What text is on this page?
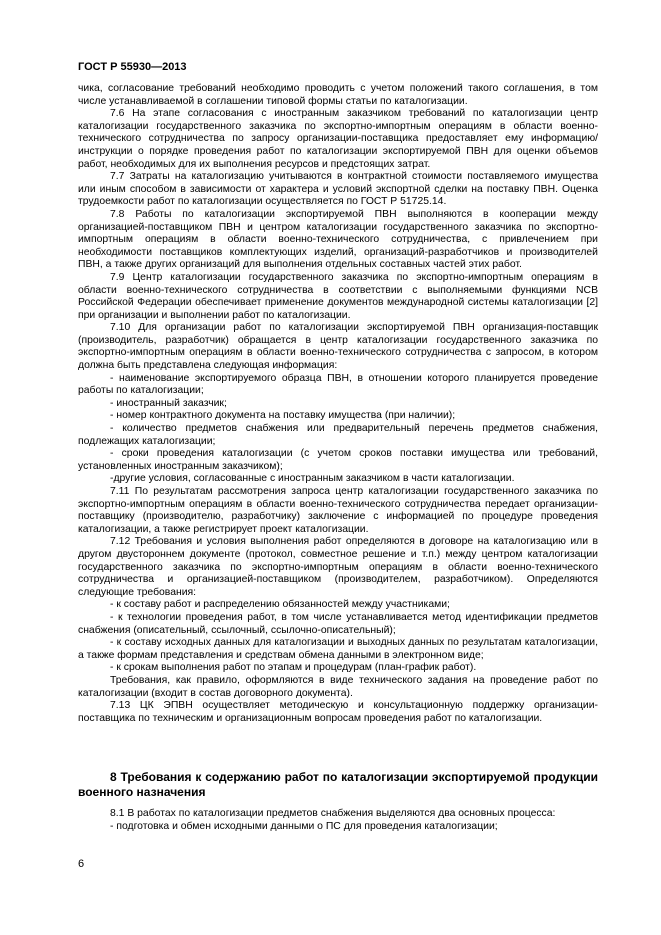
ГОСТ Р 55930—2013

чика, согласование требований необходимо проводить с учетом положений такого соглашения, в том числе устанавливаемой в соглашении типовой формы статьи по каталогизации.

7.6 На этапе согласования с иностранным заказчиком требований по каталогизации центр каталогизации государственного заказчика по экспортно-импортным операциям в области военно-технического сотрудничества по запросу организации-поставщика предоставляет ему информацию/инструкции о порядке проведения работ по каталогизации экспортируемой ПВН для оценки объемов работ, необходимых для их выполнения ресурсов и предстоящих затрат.

7.7 Затраты на каталогизацию учитываются в контрактной стоимости поставляемого имущества или иным способом в зависимости от характера и условий экспортной сделки на поставку ПВН. Оценка трудоемкости работ по каталогизации осуществляется по ГОСТ Р 51725.14.

7.8 Работы по каталогизации экспортируемой ПВН выполняются в кооперации между организацией-поставщиком ПВН и центром каталогизации государственного заказчика по экспортно-импортным операциям в области военно-технического сотрудничества, с привлечением при необходимости поставщиков комплектующих изделий, организаций-разработчиков и производителей ПВН, а также других организаций для выполнения отдельных составных частей этих работ.

7.9 Центр каталогизации государственного заказчика по экспортно-импортным операциям в области военно-технического сотрудничества в соответствии с выполняемыми функциями NCB Российской Федерации обеспечивает применение документов международной системы каталогизации [2] при организации и выполнении работ по каталогизации.

7.10 Для организации работ по каталогизации экспортируемой ПВН организация-поставщик (производитель, разработчик) обращается в центр каталогизации государственного заказчика по экспортно-импортным операциям в области военно-технического сотрудничества с запросом, в котором должна быть представлена следующая информация:

- наименование экспортируемого образца ПВН, в отношении которого планируется проведение работы по каталогизации;

- иностранный заказчик;

- номер контрактного документа на поставку имущества (при наличии);

- количество предметов снабжения или предварительный перечень предметов снабжения, подлежащих каталогизации;

- сроки проведения каталогизации (с учетом сроков поставки имущества или требований, установленных иностранным заказчиком);

-другие условия, согласованные с иностранным заказчиком в части каталогизации.

7.11 По результатам рассмотрения запроса центр каталогизации государственного заказчика по экспортно-импортным операциям в области военно-технического сотрудничества передает организации-поставщику (производителю, разработчику) заключение с информацией по процедуре проведения каталогизации, а также регистрирует проект каталогизации.

7.12 Требования и условия выполнения работ определяются в договоре на каталогизацию или в другом двустороннем документе (протокол, совместное решение и т.п.) между центром каталогизации государственного заказчика по экспортно-импортным операциям в области военно-технического сотрудничества и организацией-поставщиком (производителем, разработчиком). Определяются следующие требования:

- к составу работ и распределению обязанностей между участниками;

- к технологии проведения работ, в том числе устанавливается метод идентификации предметов снабжения (описательный, ссылочный, ссылочно-описательный);

- к составу исходных данных для каталогизации и выходных данных по результатам каталогизации, а также формам представления и средствам обмена данными в электронном виде;

- к срокам выполнения работ по этапам и процедурам (план-график работ).

Требования, как правило, оформляются в виде технического задания на проведение работ по каталогизации (входит в состав договорного документа).

7.13 ЦК ЭПВН осуществляет методическую и консультационную поддержку организации-поставщика по техническим и организационным вопросам проведения работ по каталогизации.

8 Требования к содержанию работ по каталогизации экспортируемой продукции военного назначения

8.1 В работах по каталогизации предметов снабжения выделяются два основных процесса:

- подготовка и обмен исходными данными о ПС для проведения каталогизации;

6
